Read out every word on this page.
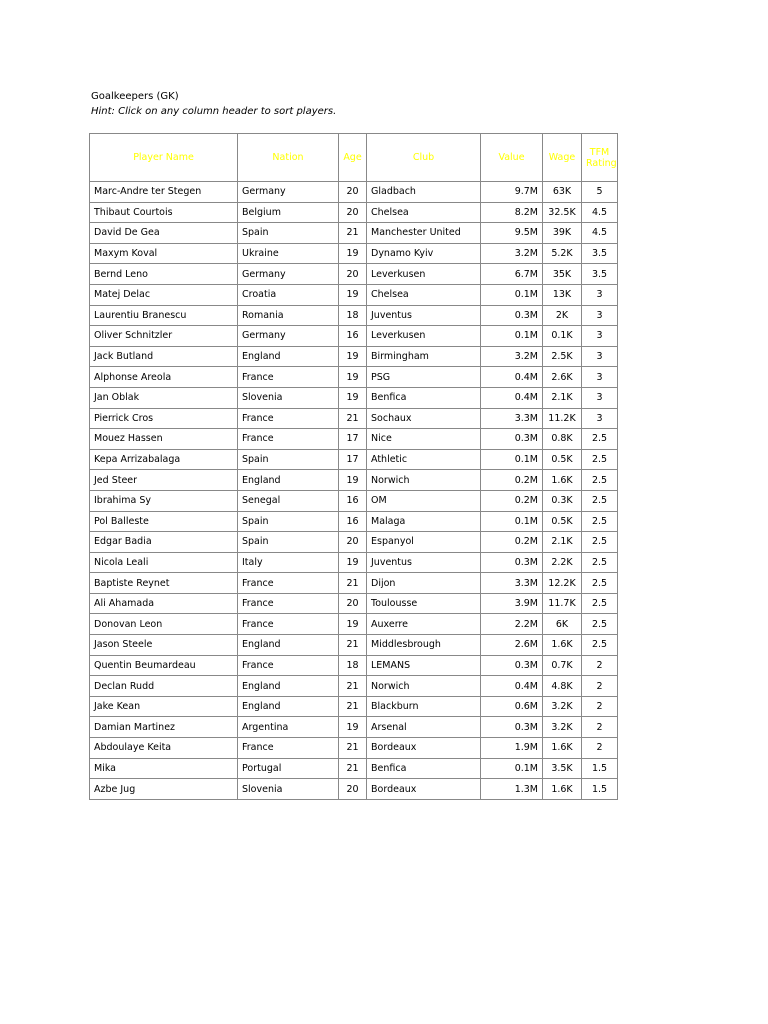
Goalkeepers (GK)
Hint: Click on any column header to sort players.
Player Name	Nation	Age	Club	Value	Wage	TFM Rating
Marc-Andre ter Stegen	Germany	20	Gladbach	9.7M	63K	5
Thibaut Courtois	Belgium	20	Chelsea	8.2M	32.5K	4.5
David De Gea	Spain	21	Manchester United	9.5M	39K	4.5
Maxym Koval	Ukraine	19	Dynamo Kyiv	3.2M	5.2K	3.5
Bernd Leno	Germany	20	Leverkusen	6.7M	35K	3.5
Matej Delac	Croatia	19	Chelsea	0.1M	13K	3
Laurentiu Branescu	Romania	18	Juventus	0.3M	2K	3
Oliver Schnitzler	Germany	16	Leverkusen	0.1M	0.1K	3
Jack Butland	England	19	Birmingham	3.2M	2.5K	3
Alphonse Areola	France	19	PSG	0.4M	2.6K	3
Jan Oblak	Slovenia	19	Benfica	0.4M	2.1K	3
Pierrick Cros	France	21	Sochaux	3.3M	11.2K	3
Mouez Hassen	France	17	Nice	0.3M	0.8K	2.5
Kepa Arrizabalaga	Spain	17	Athletic	0.1M	0.5K	2.5
Jed Steer	England	19	Norwich	0.2M	1.6K	2.5
Ibrahima Sy	Senegal	16	OM	0.2M	0.3K	2.5
Pol Balleste	Spain	16	Malaga	0.1M	0.5K	2.5
Edgar Badia	Spain	20	Espanyol	0.2M	2.1K	2.5
Nicola Leali	Italy	19	Juventus	0.3M	2.2K	2.5
Baptiste Reynet	France	21	Dijon	3.3M	12.2K	2.5
Ali Ahamada	France	20	Toulousse	3.9M	11.7K	2.5
Donovan Leon	France	19	Auxerre	2.2M	6K	2.5
Jason Steele	England	21	Middlesbrough	2.6M	1.6K	2.5
Quentin Beumardeau	France	18	LEMANS	0.3M	0.7K	2
Declan Rudd	England	21	Norwich	0.4M	4.8K	2
Jake Kean	England	21	Blackburn	0.6M	3.2K	2
Damian Martinez	Argentina	19	Arsenal	0.3M	3.2K	2
Abdoulaye Keita	France	21	Bordeaux	1.9M	1.6K	2
Mika	Portugal	21	Benfica	0.1M	3.5K	1.5
Azbe Jug	Slovenia	20	Bordeaux	1.3M	1.6K	1.5
